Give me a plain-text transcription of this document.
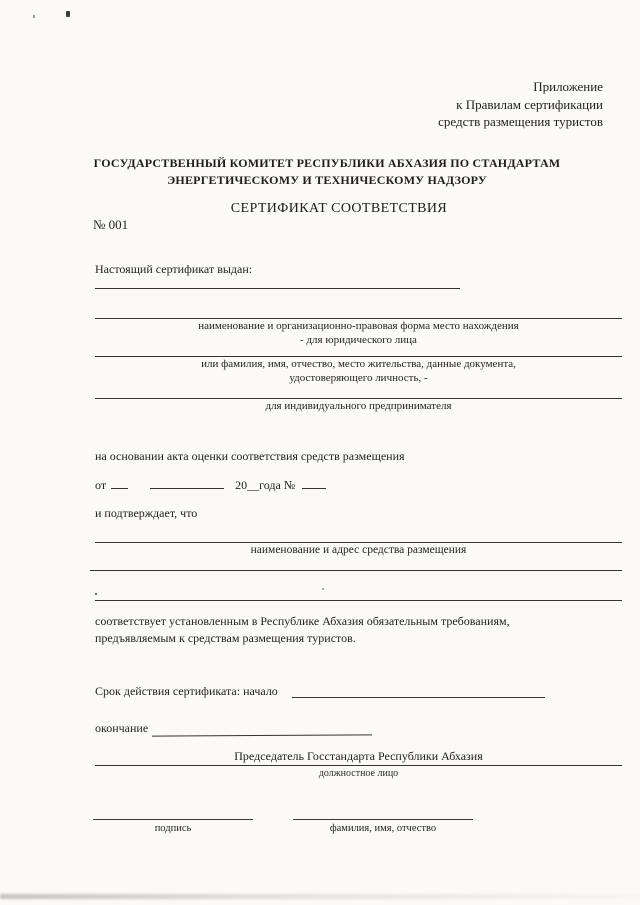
Приложение
к Правилам сертификации
средств размещения туристов
ГОСУДАРСТВЕННЫЙ КОМИТЕТ РЕСПУБЛИКИ АБХАЗИЯ ПО СТАНДАРТАМ
ЭНЕРГЕТИЧЕСКОМУ И ТЕХНИЧЕСКОМУ НАДЗОРУ
СЕРТИФИКАТ СООТВЕТСТВИЯ
№ 001
Настоящий сертификат выдан:
наименование и организационно-правовая форма место нахождения
- для юридического лица
или фамилия, имя, отчество, место жительства, данные документа,
удостоверяющего личность, -
для индивидуального предпринимателя
на основании акта оценки соответствия средств размещения
от	20__года №
и подтверждает, что
наименование и адрес средства размещения
соответствует установленным в Республике Абхазия обязательным требованиям,
предъявляемым к средствам размещения туристов.
Срок действия сертификата: начало
окончание
Председатель Госстандарта Республики Абхазия
должностное лицо
подпись	фамилия, имя, отчество
